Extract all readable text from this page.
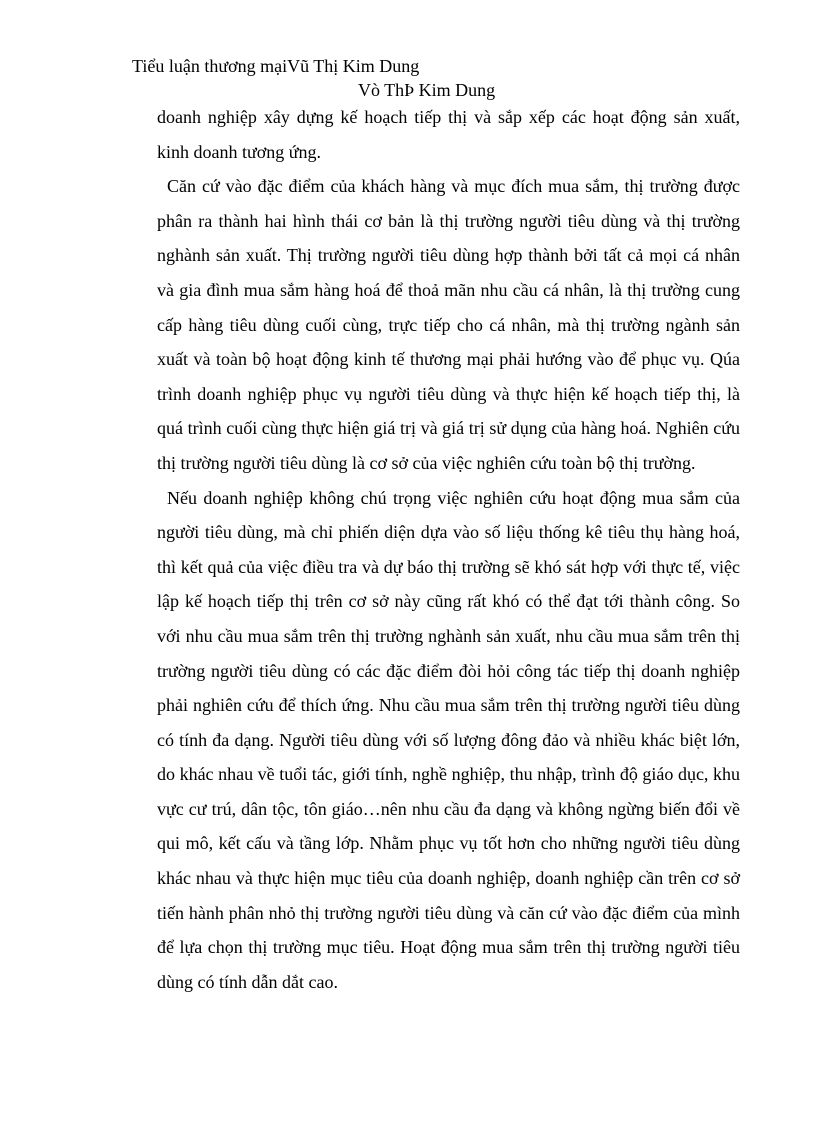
Tiểu luận thương mạiVũ Thị Kim Dung
Vò ThÞ Kim Dung

doanh nghiệp xây dựng kế hoạch tiếp thị và sắp xếp các hoạt động sản xuất, kinh doanh tương ứng.

Căn cứ vào đặc điểm của khách hàng và mục đích mua sắm, thị trường được phân ra thành hai hình thái cơ bản là thị trường người tiêu dùng và thị trường nghành sản xuất. Thị trường người tiêu dùng hợp thành bởi tất cả mọi cá nhân và gia đình mua sắm hàng hoá để thoả mãn nhu cầu cá nhân, là thị trường cung cấp hàng tiêu dùng cuối cùng, trực tiếp cho cá nhân, mà thị trường ngành sản xuất và toàn bộ hoạt động kinh tế thương mại phải hướng vào để phục vụ. Qúa trình doanh nghiệp phục vụ người tiêu dùng và thực hiện kế hoạch tiếp thị, là quá trình cuối cùng thực hiện giá trị và giá trị sử dụng của hàng hoá. Nghiên cứu thị trường người tiêu dùng là cơ sở của việc nghiên cứu toàn bộ thị trường.

Nếu doanh nghiệp không chú trọng việc nghiên cứu hoạt động mua sắm của người tiêu dùng, mà chỉ phiến diện dựa vào số liệu thống kê tiêu thụ hàng hoá, thì kết quả của việc điều tra và dự báo thị trường sẽ khó sát hợp với thực tế, việc lập kế hoạch tiếp thị trên cơ sở này cũng rất khó có thể đạt tới thành công. So với nhu cầu mua sắm trên thị trường nghành sản xuất, nhu cầu mua sắm trên thị trường người tiêu dùng có các đặc điểm đòi hỏi công tác tiếp thị doanh nghiệp phải nghiên cứu để thích ứng. Nhu cầu mua sắm trên thị trường người tiêu dùng có tính đa dạng. Người tiêu dùng với số lượng đông đảo và nhiều khác biệt lớn, do khác nhau về tuổi tác, giới tính, nghề nghiệp, thu nhập, trình độ giáo dục, khu vực cư trú, dân tộc, tôn giáo…nên nhu cầu đa dạng và không ngừng biến đổi về qui mô, kết cấu và tầng lớp. Nhằm phục vụ tốt hơn cho những người tiêu dùng khác nhau và thực hiện mục tiêu của doanh nghiệp, doanh nghiệp cần trên cơ sở tiến hành phân nhỏ thị trường người tiêu dùng và căn cứ vào đặc điểm của mình để lựa chọn thị trường mục tiêu. Hoạt động mua sắm trên thị trường người tiêu dùng có tính dẫn dắt cao.
